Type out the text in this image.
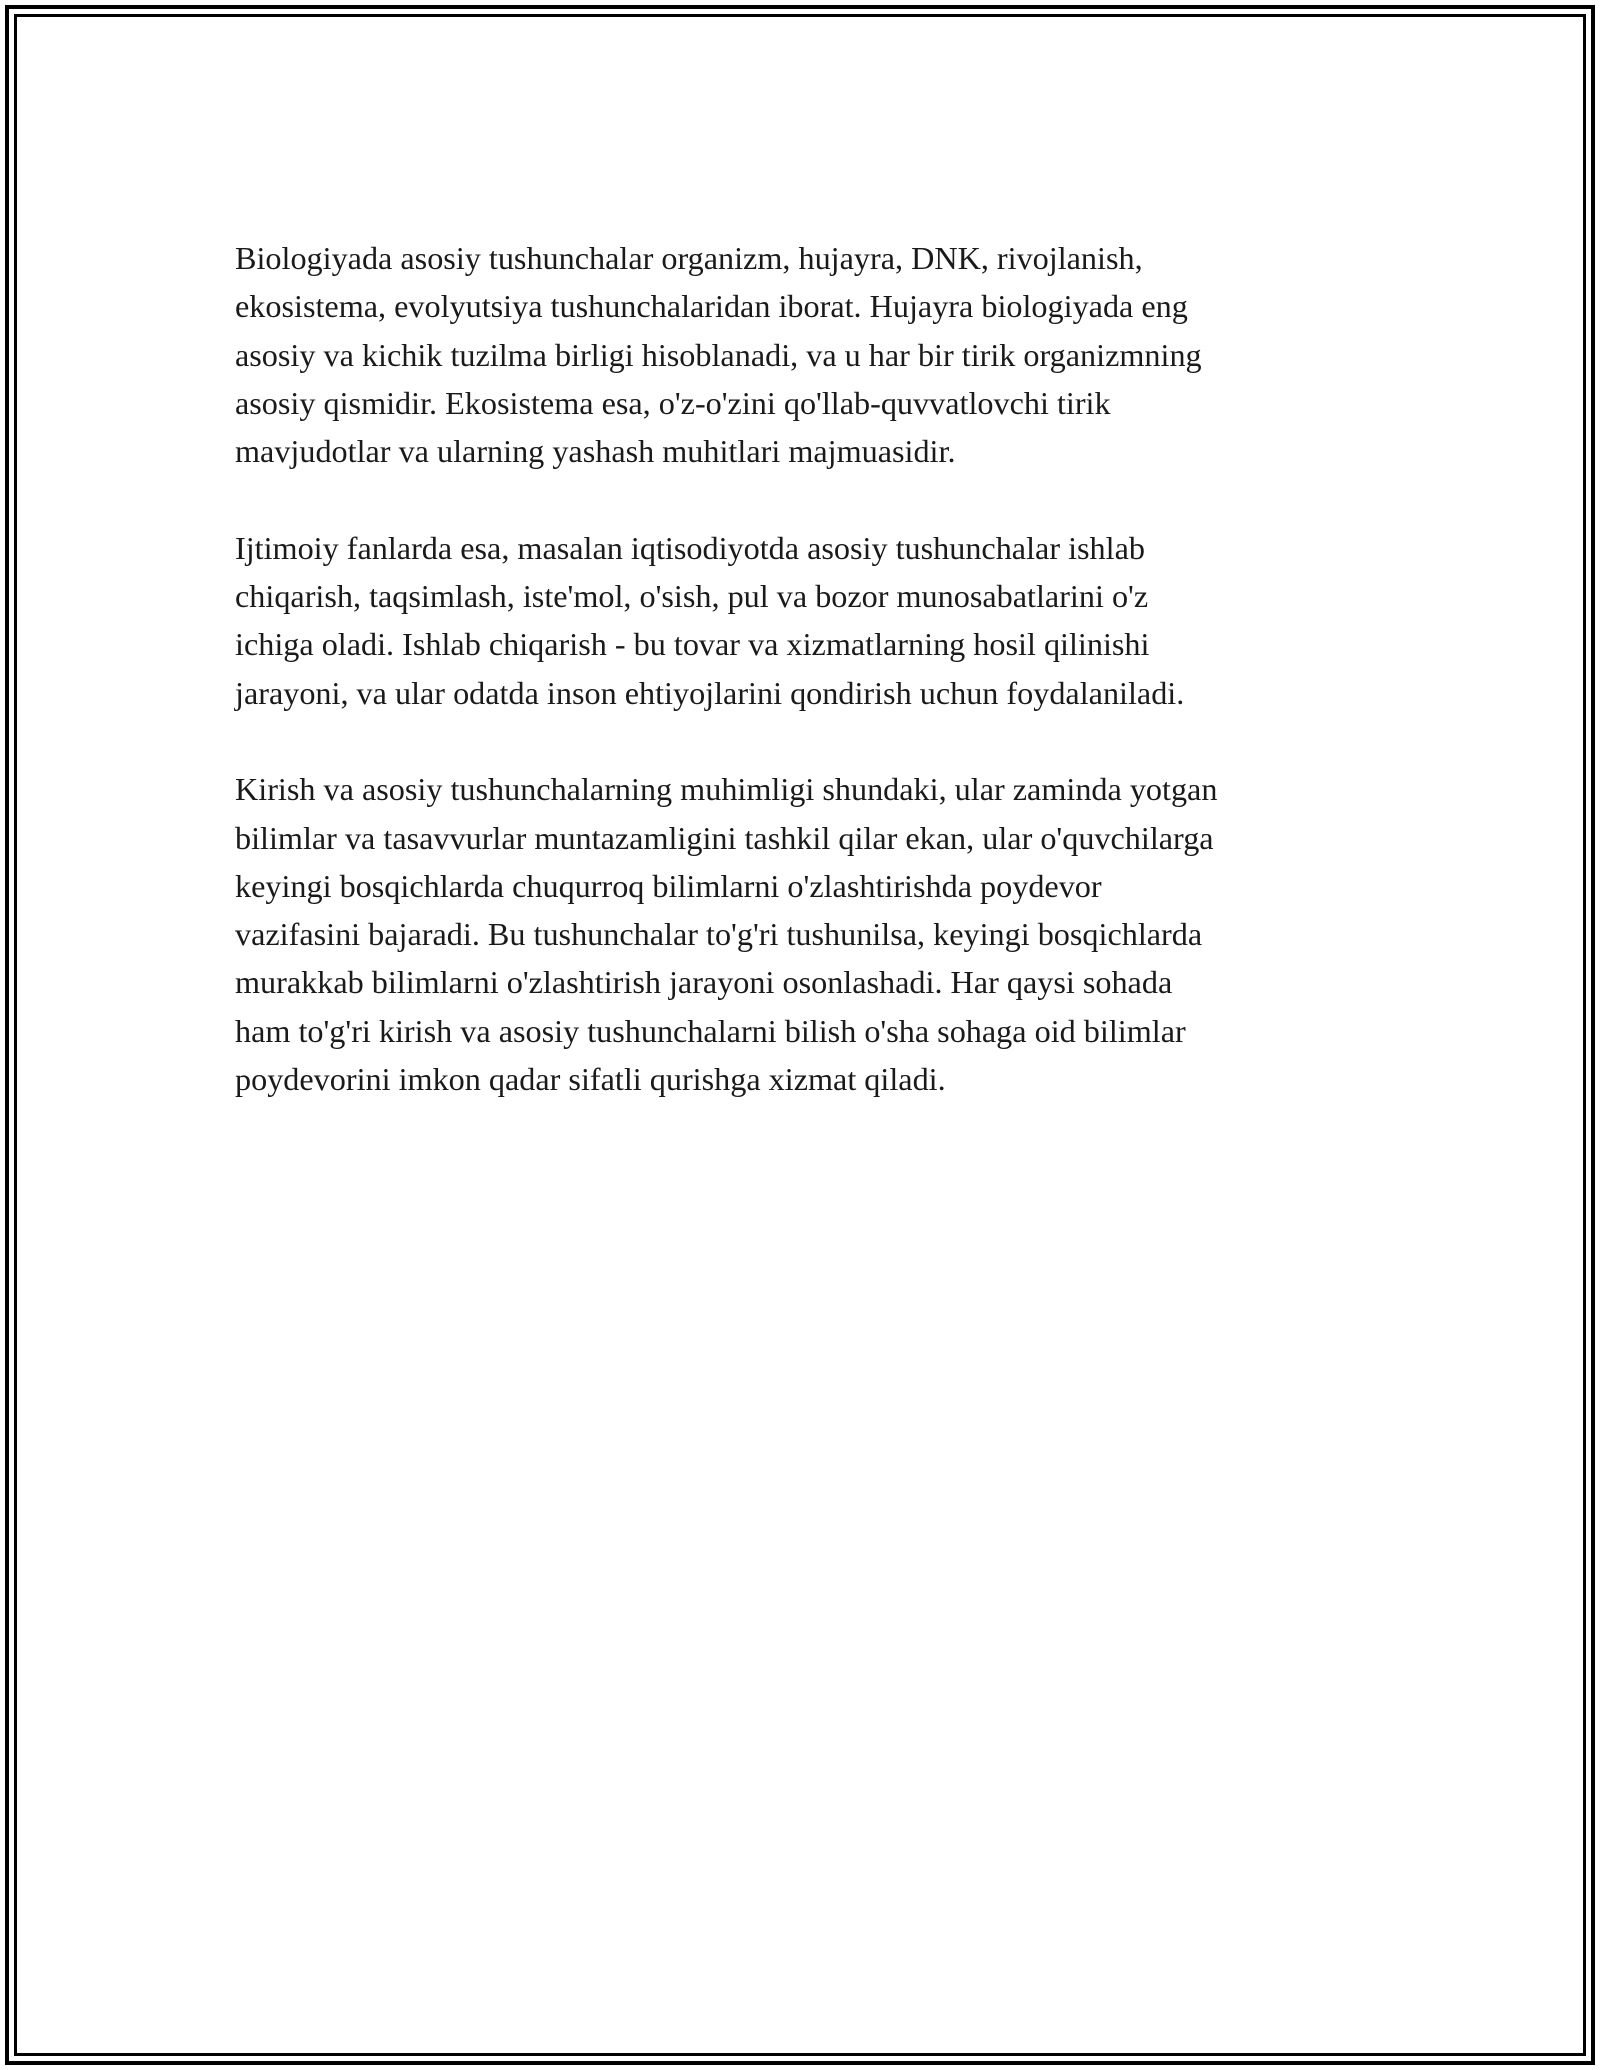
Biologiyada asosiy tushunchalar organizm, hujayra, DNK, rivojlanish,
ekosistema, evolyutsiya tushunchalaridan iborat. Hujayra biologiyada eng
asosiy va kichik tuzilma birligi hisoblanadi, va u har bir tirik organizmning
asosiy qismidir. Ekosistema esa, o'z-o'zini qo'llab-quvvatlovchi tirik
mavjudotlar va ularning yashash muhitlari majmuasidir.

Ijtimoiy fanlarda esa, masalan iqtisodiyotda asosiy tushunchalar ishlab
chiqarish, taqsimlash, iste'mol, o'sish, pul va bozor munosabatlarini o'z
ichiga oladi. Ishlab chiqarish - bu tovar va xizmatlarning hosil qilinishi
jarayoni, va ular odatda inson ehtiyojlarini qondirish uchun foydalaniladi.

Kirish va asosiy tushunchalarning muhimligi shundaki, ular zaminda yotgan
bilimlar va tasavvurlar muntazamligini tashkil qilar ekan, ular o'quvchilarga
keyingi bosqichlarda chuqurroq bilimlarni o'zlashtirishda poydevor
vazifasini bajaradi. Bu tushunchalar to'g'ri tushunilsa, keyingi bosqichlarda
murakkab bilimlarni o'zlashtirish jarayoni osonlashadi. Har qaysi sohada
ham to'g'ri kirish va asosiy tushunchalarni bilish o'sha sohaga oid bilimlar
poydevorini imkon qadar sifatli qurishga xizmat qiladi.
